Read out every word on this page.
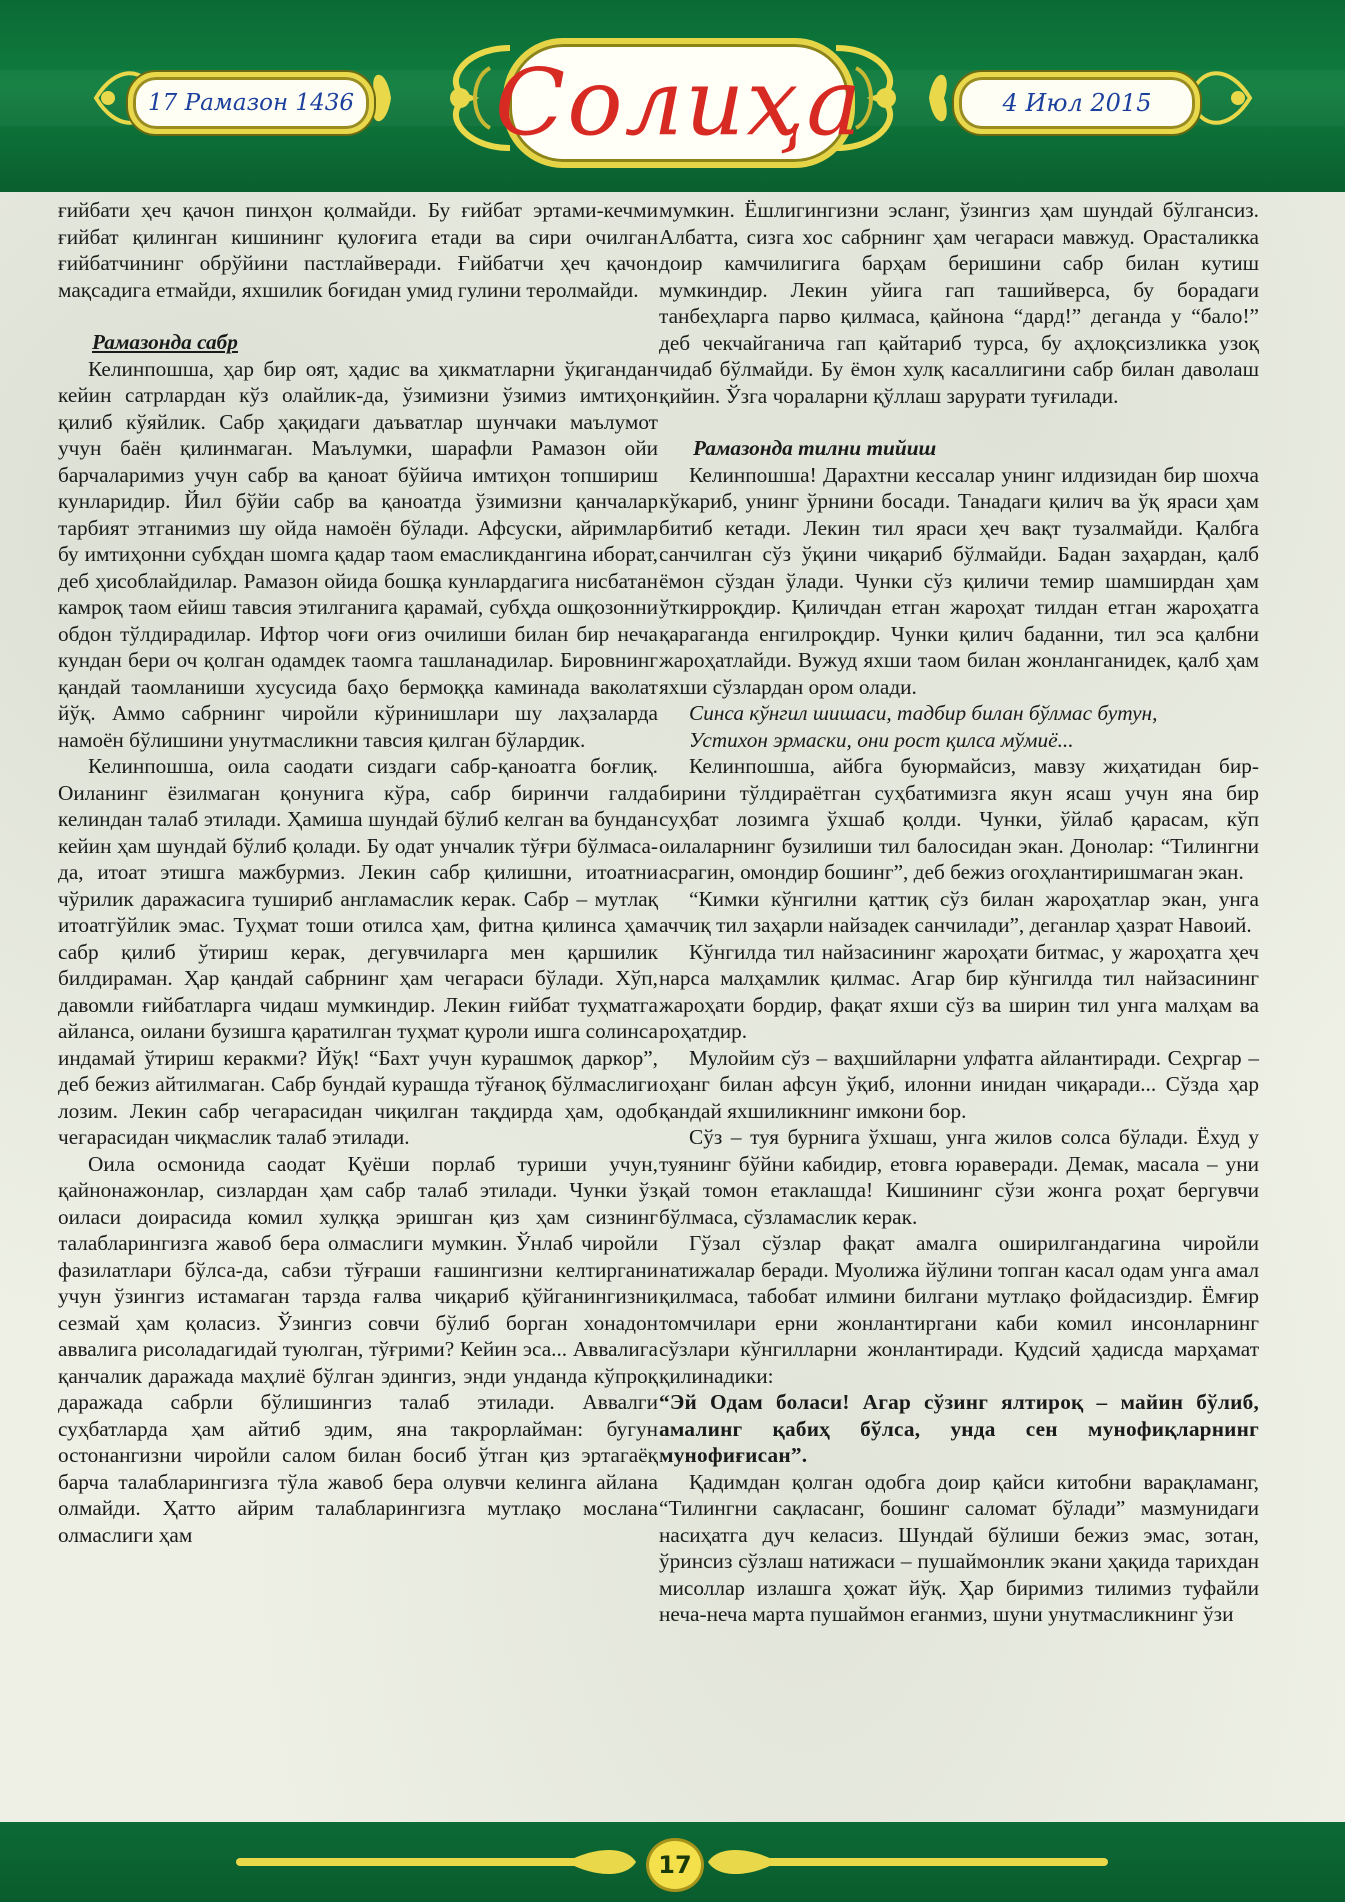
17 Рамазон 1436 Солиҳа	4 Июл 2015

ғийбати ҳеч қачон пинҳон қолмайди. Бу ғийбат эртами-кечми ғийбат қилинган кишининг қулоғига етади ва сири очилган ғийбатчининг обрўйини пастлайверади. Ғийбатчи ҳеч қачон мақсадига етмайди, яхшилик боғидан умид гулини теролмайди.

Рамазонда сабр

Келинпошша, ҳар бир оят, ҳадис ва ҳикматларни ўқигандан кейин сатрлардан кўз олайлик-да, ўзимизни ўзимиз имтиҳон қилиб кўяйлик. Сабр ҳақидаги даъватлар шунчаки маълумот учун баён қилинмаган. Маълумки, шарафли Рамазон ойи барчаларимиз учун сабр ва қаноат бўйича имтиҳон топшириш кунларидир. Йил бўйи сабр ва қаноатда ўзимизни қанчалар тарбият этганимиз шу ойда намоён бўлади. Афсуски, айримлар бу имтиҳонни субҳдан шомга қадар таом емасликдангина иборат, деб ҳисоблайдилар. Рамазон ойида бошқа кунлардагига нисбатан камроқ таом ейиш тавсия этилганига қарамай, субҳда ошқозонни обдон тўлдирадилар. Ифтор чоғи оғиз очилиши билан бир неча кундан бери оч қолган одамдек таомга ташланадилар. Бировнинг қандай таомланиши хусусида баҳо бермоққа каминада ваколат йўқ. Аммо сабрнинг чиройли кўринишлари шу лаҳзаларда намоён бўлишини унутмасликни тавсия қилган бўлардик.

Келинпошша, оила саодати сиздаги сабр-қаноатга боғлиқ. Оиланинг ёзилмаган қонунига кўра, сабр биринчи галда келиндан талаб этилади. Ҳамиша шундай бўлиб келган ва бундан кейин ҳам шундай бўлиб қолади. Бу одат унчалик тўғри бўлмаса-да, итоат этишга мажбурмиз. Лекин сабр қилишни, итоатни чўрилик даражасига тушириб англамаслик керак. Сабр – мутлақ итоатгўйлик эмас. Туҳмат тоши отилса ҳам, фитна қилинса ҳам сабр қилиб ўтириш керак, дегувчиларга мен қаршилик билдираман. Ҳар қандай сабрнинг ҳам чегараси бўлади. Хўп, давомли ғийбатларга чидаш мумкиндир. Лекин ғийбат туҳматга айланса, оилани бузишга қаратилган туҳмат қуроли ишга солинса индамай ўтириш керакми? Йўқ! “Бахт учун курашмоқ даркор”, деб бежиз айтилмаган. Сабр бундай курашда тўғаноқ бўлмаслиги лозим. Лекин сабр чегарасидан чиқилган тақдирда ҳам, одоб чегарасидан чиқмаслик талаб этилади.

Оила осмонида саодат Қуёши порлаб туриши учун, қайнонажонлар, сизлардан ҳам сабр талаб этилади. Чунки ўз оиласи доирасида комил хулққа эришган қиз ҳам сизнинг талабларингизга жавоб бера олмаслиги мумкин. Ўнлаб чиройли фазилатлари бўлса-да, сабзи тўғраши ғашингизни келтиргани учун ўзингиз истамаган тарзда ғалва чиқариб қўйганингизни сезмай ҳам қоласиз. Ўзингиз совчи бўлиб борган хонадон аввалига рисоладагидай туюлган, тўғрими? Кейин эса... Аввалига қанчалик даражада маҳлиё бўлган эдингиз, энди унданда кўпроқ даражада сабрли бўлишингиз талаб этилади. Аввалги суҳбатларда ҳам айтиб эдим, яна такрорлайман: бугун остонангизни чиройли салом билан босиб ўтган қиз эртагаёқ барча талабларингизга тўла жавоб бера олувчи келинга айлана олмайди. Ҳатто айрим талабларингизга мутлақо мослана олмаслиги ҳам

мумкин. Ёшлигингизни эсланг, ўзингиз ҳам шундай бўлгансиз. Албатта, сизга хос сабрнинг ҳам чегараси мавжуд. Орасталикка доир камчилигига барҳам беришини сабр билан кутиш мумкиндир. Лекин уйига гап ташийверса, бу борадаги танбеҳларга парво қилмаса, қайнона “дард!” деганда у “бало!” деб чекчайганича гап қайтариб турса, бу аҳлоқсизликка узоқ чидаб бўлмайди. Бу ёмон хулқ касаллигини сабр билан даволаш қийин. Ўзга чораларни қўллаш зарурати туғилади.

Рамазонда тилни тийиш

Келинпошша! Дарахтни кессалар унинг илдизидан бир шохча кўкариб, унинг ўрнини босади. Танадаги қилич ва ўқ яраси ҳам битиб кетади. Лекин тил яраси ҳеч вақт тузалмайди. Қалбга санчилган сўз ўқини чиқариб бўлмайди. Бадан заҳардан, қалб ёмон сўздан ўлади. Чунки сўз қиличи темир шамширдан ҳам ўткирроқдир. Қиличдан етган жароҳат тилдан етган жароҳатга қараганда енгилроқдир. Чунки қилич баданни, тил эса қалбни жароҳатлайди. Вужуд яхши таом билан жонланганидек, қалб ҳам яхши сўзлардан ором олади.

Синса кўнгил шишаси, тадбир билан бўлмас бутун,

Устихон эрмаски, они рост қилса мўмиё...

Келинпошша, айбга буюрмайсиз, мавзу жиҳатидан бир-бирини тўлдираётган суҳбатимизга якун ясаш учун яна бир суҳбат лозимга ўхшаб қолди. Чунки, ўйлаб қарасам, кўп оилаларнинг бузилиши тил балосидан экан. Донолар: “Тилингни асрагин, омондир бошинг”, деб бежиз огоҳлантиришмаган экан.

“Кимки кўнгилни қаттиқ сўз билан жароҳатлар экан, унга аччиқ тил заҳарли найзадек санчилади”, деганлар ҳазрат Навоий.

Кўнгилда тил найзасининг жароҳати битмас, у жароҳатга ҳеч нарса малҳамлик қилмас. Агар бир кўнгилда тил найзасининг жароҳати бордир, фақат яхши сўз ва ширин тил унга малҳам ва роҳатдир.

Мулойим сўз – ваҳшийларни улфатга айлантиради. Сеҳргар – оҳанг билан афсун ўқиб, илонни инидан чиқаради... Сўзда ҳар қандай яхшиликнинг имкони бор.

Сўз – туя бурнига ўхшаш, унга жилов солса бўлади. Ёхуд у туянинг бўйни кабидир, етовга юраверади. Демак, масала – уни қай томон етаклашда! Кишининг сўзи жонга роҳат бергувчи бўлмаса, сўзламаслик керак.

Гўзал сўзлар фақат амалга оширилгандагина чиройли натижалар беради. Муолижа йўлини топган касал одам унга амал қилмаса, табобат илмини билгани мутлақо фойдасиздир. Ёмғир томчилари ерни жонлантиргани каби комил инсонларнинг сўзлари кўнгилларни жонлантиради. Қудсий ҳадисда марҳамат қилинадики:

“Эй Одам боласи! Агар сўзинг ялтироқ – майин бўлиб, амалинг қабиҳ бўлса, унда сен мунофиқларнинг мунофиғисан”.

Қадимдан қолган одобга доир қайси китобни варақламанг, “Тилингни сақласанг, бошинг саломат бўлади” мазмунидаги насиҳатга дуч келасиз. Шундай бўлиши бежиз эмас, зотан, ўринсиз сўзлаш натижаси – пушаймонлик экани ҳақида тарихдан мисоллар излашга ҳожат йўқ. Ҳар биримиз тилимиз туфайли неча-неча марта пушаймон еганмиз, шуни унутмасликнинг ўзи

17
